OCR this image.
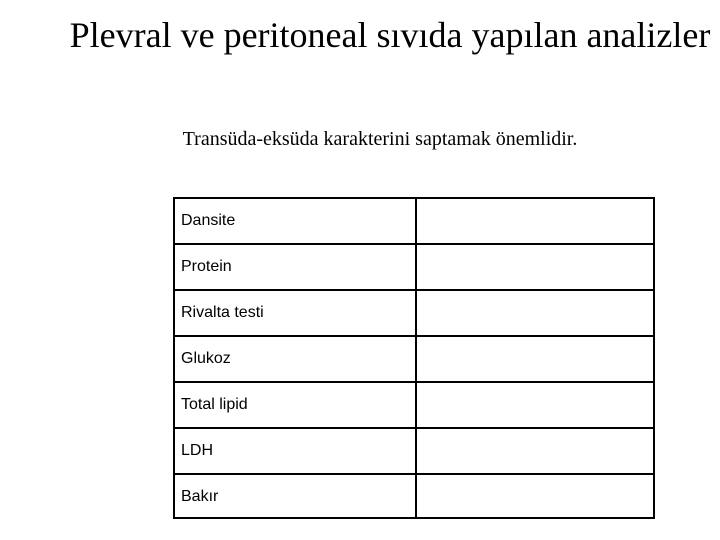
Plevral ve peritoneal sıvıda yapılan analizler
Transüda-eksüda karakterini saptamak önemlidir.
Dansite	
Protein	
Rivalta testi	
Glukoz	
Total lipid	
LDH	
Bakır	
